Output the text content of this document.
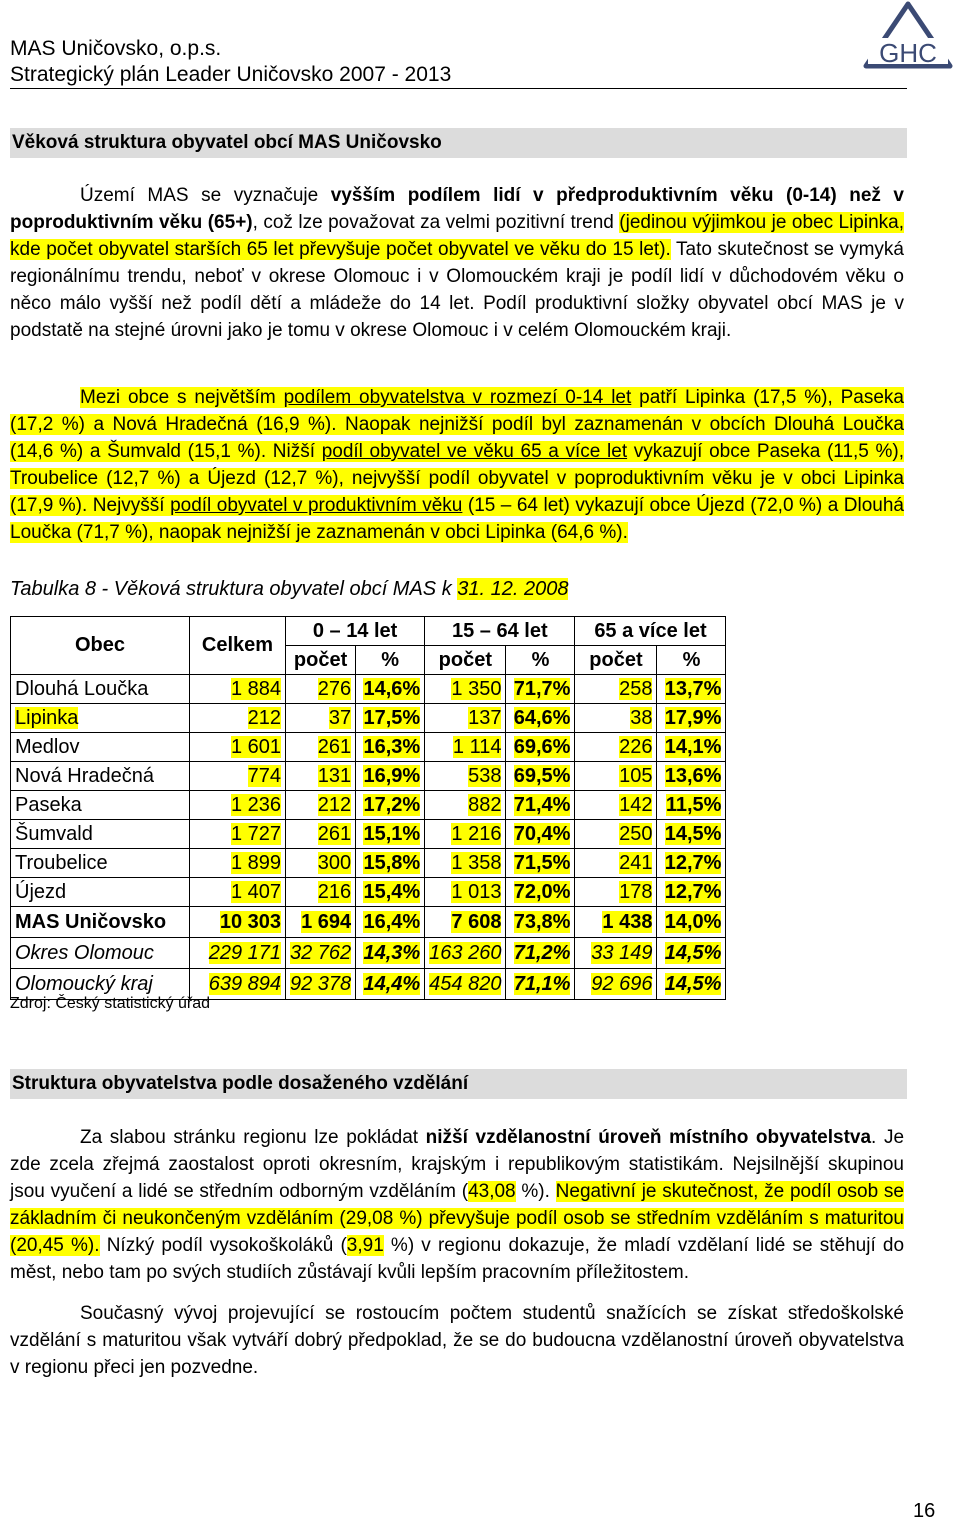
MAS Uničovsko, o.p.s.
Strategický plán Leader Uničovsko 2007 - 2013
GHC
Věková struktura obyvatel obcí MAS Uničovsko
Území MAS se vyznačuje vyšším podílem lidí v předproduktivním věku (0-14) než v poproduktivním věku (65+), což lze považovat za velmi pozitivní trend (jedinou výjimkou je obec Lipinka, kde počet obyvatel starších 65 let převyšuje počet obyvatel ve věku do 15 let). Tato skutečnost se vymyká regionálnímu trendu, neboť v okrese Olomouc i v Olomouckém kraji je podíl lidí v důchodovém věku o něco málo vyšší než podíl dětí a mládeže do 14 let. Podíl produktivní složky obyvatel obcí MAS je v podstatě na stejné úrovni jako je tomu v okrese Olomouc i v celém Olomouckém kraji.
Mezi obce s největším podílem obyvatelstva v rozmezí 0-14 let patří Lipinka (17,5 %), Paseka (17,2 %) a Nová Hradečná (16,9 %). Naopak nejnižší podíl byl zaznamenán v obcích Dlouhá Loučka (14,6 %) a Šumvald (15,1 %). Nižší podíl obyvatel ve věku 65 a více let vykazují obce Paseka (11,5 %), Troubelice (12,7 %) a Újezd (12,7 %), nejvyšší podíl obyvatel v poproduktivním věku je v obci Lipinka (17,9 %). Nejvyšší podíl obyvatel v produktivním věku (15 – 64 let) vykazují obce Újezd (72,0 %) a Dlouhá Loučka (71,7 %), naopak nejnižší je zaznamenán v obci Lipinka (64,6 %).
Tabulka 8 - Věková struktura obyvatel obcí MAS k 31. 12. 2008
Obec	Celkem	0 – 14 let		15 – 64 let		65 a více let	
		počet	%	počet	%	počet	%
Dlouhá Loučka	1 884	276	14,6%	1 350	71,7%	258	13,7%
Lipinka	212	37	17,5%	137	64,6%	38	17,9%
Medlov	1 601	261	16,3%	1 114	69,6%	226	14,1%
Nová Hradečná	774	131	16,9%	538	69,5%	105	13,6%
Paseka	1 236	212	17,2%	882	71,4%	142	11,5%
Šumvald	1 727	261	15,1%	1 216	70,4%	250	14,5%
Troubelice	1 899	300	15,8%	1 358	71,5%	241	12,7%
Újezd	1 407	216	15,4%	1 013	72,0%	178	12,7%
MAS Uničovsko	10 303	1 694	16,4%	7 608	73,8%	1 438	14,0%
Okres Olomouc	229 171	32 762	14,3%	163 260	71,2%	33 149	14,5%
Olomoucký kraj	639 894	92 378	14,4%	454 820	71,1%	92 696	14,5%
Zdroj: Český statistický úřad
Struktura obyvatelstva podle dosaženého vzdělání
Za slabou stránku regionu lze pokládat nižší vzdělanostní úroveň místního obyvatelstva. Je zde zcela zřejmá zaostalost oproti okresním, krajským i republikovým statistikám. Nejsilnější skupinou jsou vyučení a lidé se středním odborným vzděláním (43,08 %). Negativní je skutečnost, že podíl osob se základním či neukončeným vzděláním (29,08 %) převyšuje podíl osob se středním vzděláním s maturitou (20,45 %). Nízký podíl vysokoškoláků (3,91 %) v regionu dokazuje, že mladí vzdělaní lidé se stěhují do měst, nebo tam po svých studiích zůstávají kvůli lepším pracovním příležitostem.
Současný vývoj projevující se rostoucím počtem studentů snažících se získat středoškolské vzdělání s maturitou však vytváří dobrý předpoklad, že se do budoucna vzdělanostní úroveň obyvatelstva v regionu přeci jen pozvedne.
16
